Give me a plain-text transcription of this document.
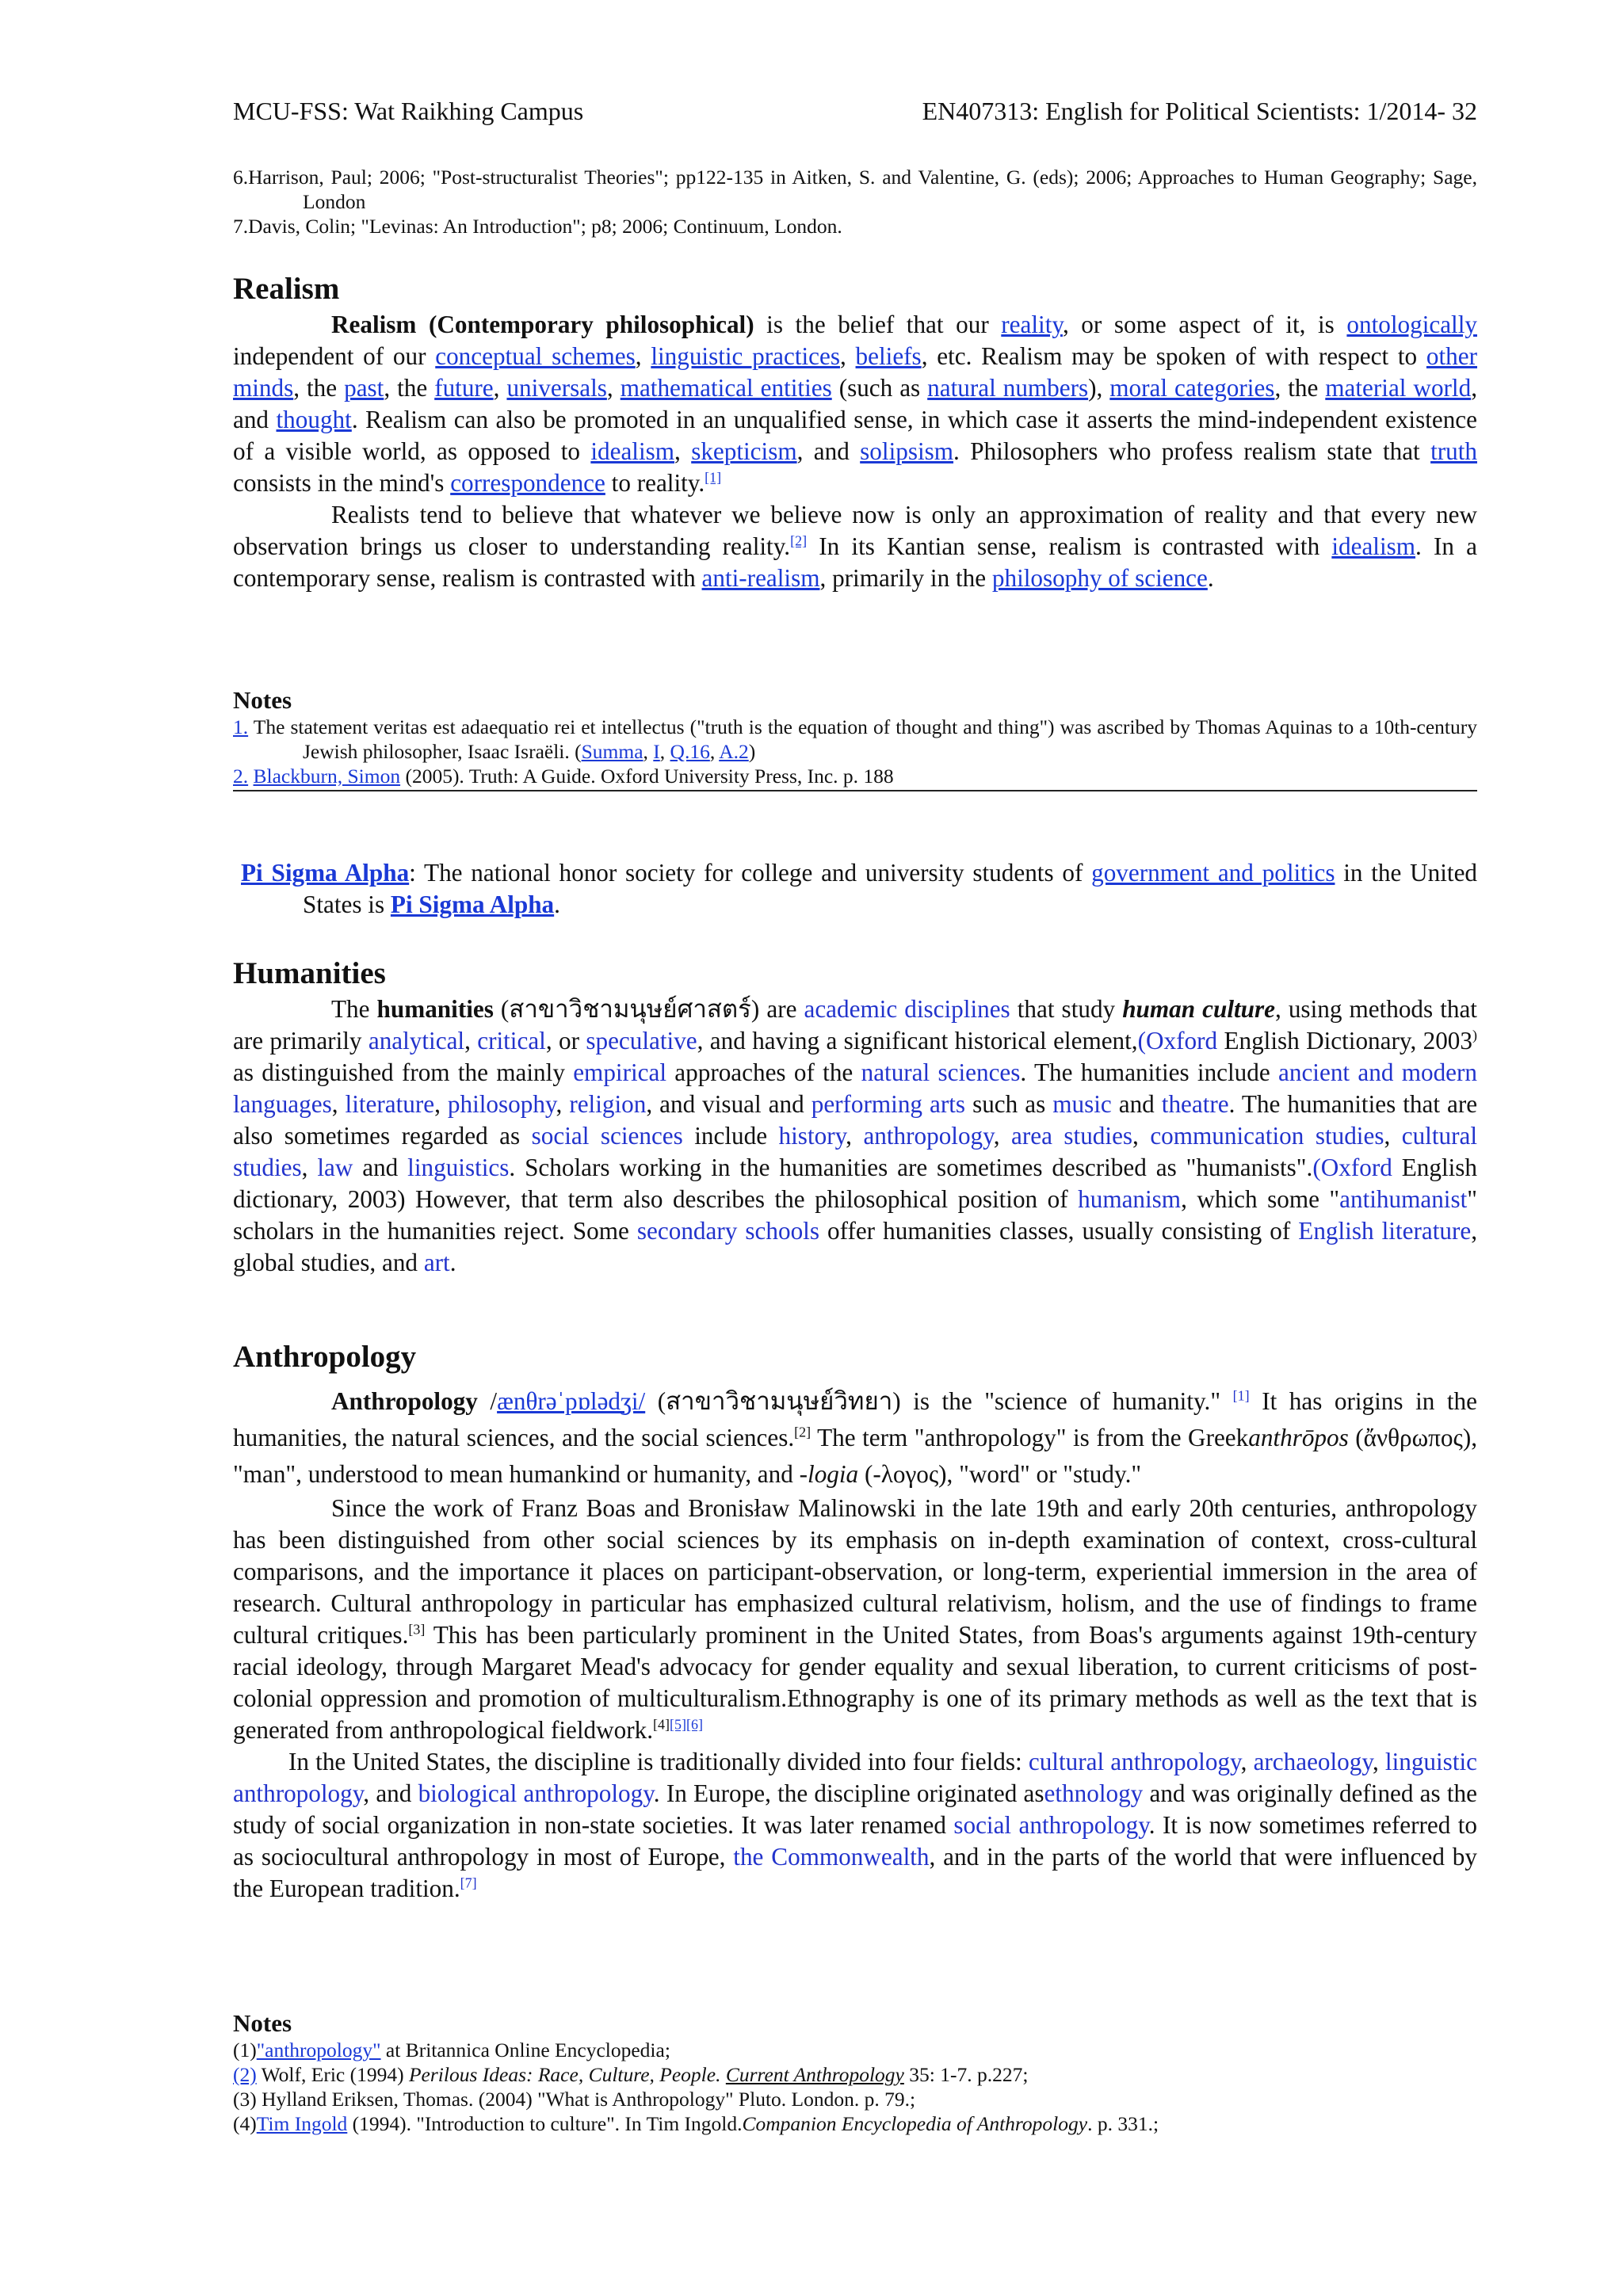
MCU-FSS: Wat Raikhing Campus	EN407313: English for Political Scientists: 1/2014- 32

6.Harrison, Paul; 2006; "Post-structuralist Theories"; pp122-135 in Aitken, S. and Valentine, G. (eds); 2006; Approaches to Human Geography; Sage, London

7.Davis, Colin; "Levinas: An Introduction"; p8; 2006; Continuum, London.

Realism

Realism (Contemporary philosophical) is the belief that our reality, or some aspect of it, is ontologically independent of our conceptual schemes, linguistic practices, beliefs, etc. Realism may be spoken of with respect to other minds, the past, the future, universals, mathematical entities (such as natural numbers), moral categories, the material world, and thought. Realism can also be promoted in an unqualified sense, in which case it asserts the mind-independent existence of a visible world, as opposed to idealism, skepticism, and solipsism. Philosophers who profess realism state that truth consists in the mind's correspondence to reality.[1]

Realists tend to believe that whatever we believe now is only an approximation of reality and that every new observation brings us closer to understanding reality.[2] In its Kantian sense, realism is contrasted with idealism. In a contemporary sense, realism is contrasted with anti-realism, primarily in the philosophy of science.

Notes

1. The statement veritas est adaequatio rei et intellectus ("truth is the equation of thought and thing") was ascribed by Thomas Aquinas to a 10th-century Jewish philosopher, Isaac Israëli. (Summa, I, Q.16, A.2)

2. Blackburn, Simon (2005). Truth: A Guide. Oxford University Press, Inc. p. 188

Pi Sigma Alpha: The national honor society for college and university students of government and politics in the United States is Pi Sigma Alpha.

Humanities

The humanities (สาขาวิชามนุษย์ศาสตร์) are academic disciplines that study human culture, using methods that are primarily analytical, critical, or speculative, and having a significant historical element,(Oxford English Dictionary, 2003) as distinguished from the mainly empirical approaches of the natural sciences. The humanities include ancient and modern languages, literature, philosophy, religion, and visual and performing arts such as music and theatre. The humanities that are also sometimes regarded as social sciences include history, anthropology, area studies, communication studies, cultural studies, law and linguistics. Scholars working in the humanities are sometimes described as "humanists".(Oxford English dictionary, 2003) However, that term also describes the philosophical position of humanism, which some "antihumanist" scholars in the humanities reject. Some secondary schools offer humanities classes, usually consisting of English literature, global studies, and art.

Anthropology

Anthropology /ænθrəˈpɒlədʒi/ (สาขาวิชามนุษย์วิทยา) is the "science of humanity." [1] It has origins in the humanities, the natural sciences, and the social sciences.[2] The term "anthropology" is from the Greekanthrōpos (ἄνθρωπος), "man", understood to mean humankind or humanity, and -logia (-λογος), "word" or "study."

Since the work of Franz Boas and Bronisław Malinowski in the late 19th and early 20th centuries, anthropology has been distinguished from other social sciences by its emphasis on in-depth examination of context, cross-cultural comparisons, and the importance it places on participant-observation, or long-term, experiential immersion in the area of research. Cultural anthropology in particular has emphasized cultural relativism, holism, and the use of findings to frame cultural critiques.[3] This has been particularly prominent in the United States, from Boas's arguments against 19th-century racial ideology, through Margaret Mead's advocacy for gender equality and sexual liberation, to current criticisms of post-colonial oppression and promotion of multiculturalism.Ethnography is one of its primary methods as well as the text that is generated from anthropological fieldwork.[4][5][6]

In the United States, the discipline is traditionally divided into four fields: cultural anthropology, archaeology, linguistic anthropology, and biological anthropology. In Europe, the discipline originated asethnology and was originally defined as the study of social organization in non-state societies. It was later renamed social anthropology. It is now sometimes referred to as sociocultural anthropology in most of Europe, the Commonwealth, and in the parts of the world that were influenced by the European tradition.[7]

Notes

(1)"anthropology" at Britannica Online Encyclopedia;

(2) Wolf, Eric (1994) Perilous Ideas: Race, Culture, People. Current Anthropology 35: 1-7. p.227;

(3) Hylland Eriksen, Thomas. (2004) "What is Anthropology" Pluto. London. p. 79.;

(4)Tim Ingold (1994). "Introduction to culture". In Tim Ingold.Companion Encyclopedia of Anthropology. p. 331.;
